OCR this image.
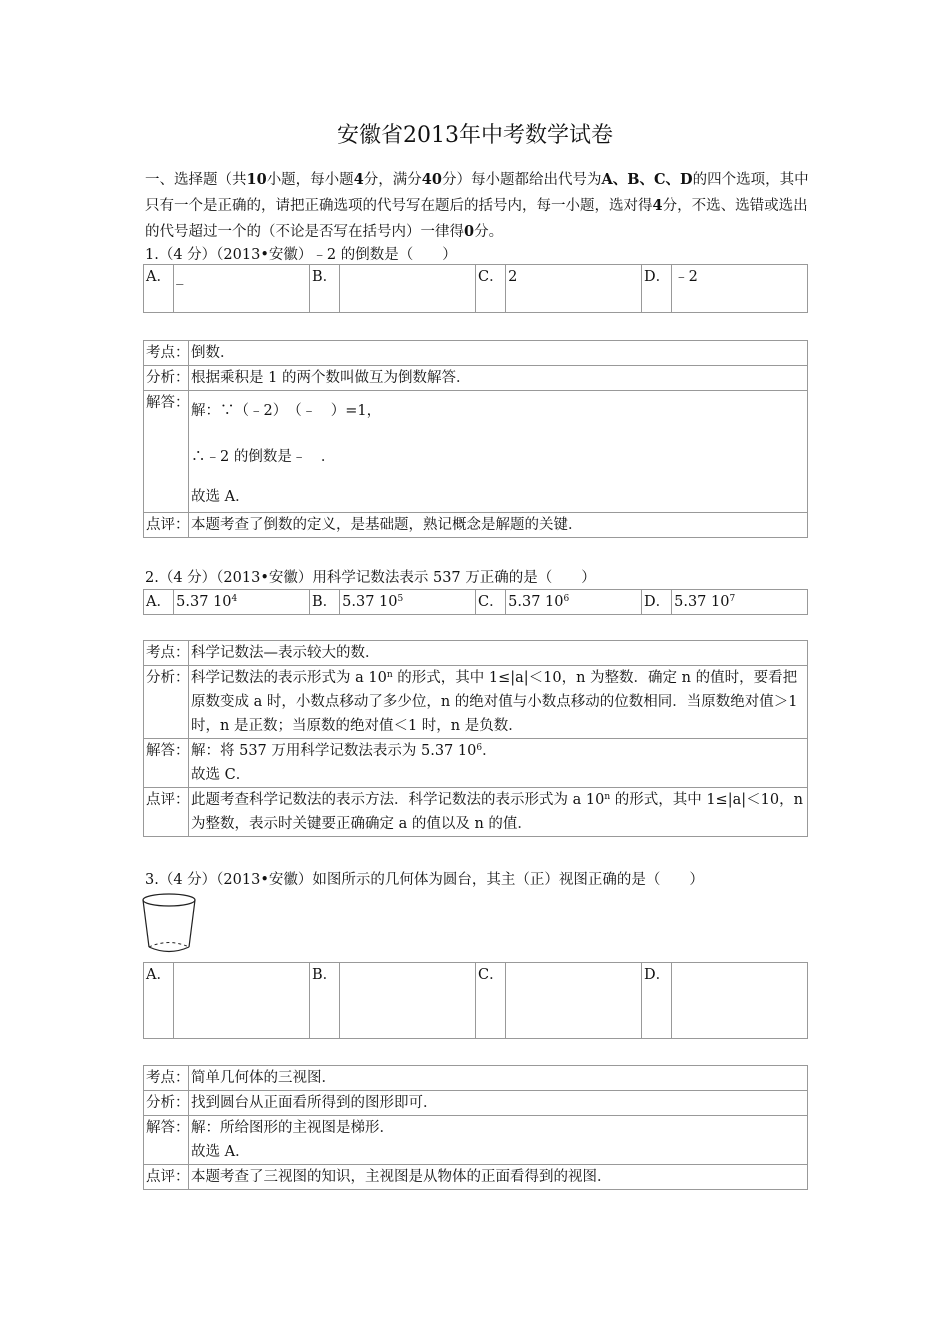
安徽省2013年中考数学试卷
一、选择题（共10小题，每小题4分，满分40分）每小题都给出代号为A、B、C、D的四个选项，其中只有一个是正确的，请把正确选项的代号写在题后的括号内，每一小题，选对得4分，不选、选错或选出的代号超过一个的（不论是否写在括号内）一律得0分。
1.（4 分）（2013•安徽）﹣2 的倒数是（　　）
A．	_	B．		C．	2	D．	﹣2
考点：	倒数．
分析：	根据乘积是 1 的两个数叫做互为倒数解答．
解答：	解：∵（﹣2）　（﹣　）=1，
∴﹣2 的倒数是﹣　．
故选 A．

点评：	本题考查了倒数的定义，是基础题，熟记概念是解题的关键．
2.（4 分）（2013•安徽）用科学记数法表示 537 万正确的是（　　）
A．	5.37 $10^4$	B．	5.37 $10^5$	C．	5.37 $10^6$	D．	5.37 $10^7$
考点：	科学记数法—表示较大的数．
分析：	科学记数法的表示形式为 a 10$^n$ 的形式，其中 1≤|a|＜10，n 为整数．确定 n 的值时，要看把原数变成 a 时，小数点移动了多少位，n 的绝对值与小数点移动的位数相同．当原数绝对值＞1 时，n 是正数；当原数的绝对值＜1 时，n 是负数．
解答：	解：将 537 万用科学记数法表示为 5.37 $10^6$．
故选 C．

点评：	此题考查科学记数法的表示方法．科学记数法的表示形式为 a 10$^n$ 的形式，其中 1≤|a|＜10，n 为整数，表示时关键要正确确定 a 的值以及 n 的值．
3.（4 分）（2013•安徽）如图所示的几何体为圆台，其主（正）视图正确的是（　　）
A．		B．		C．		D．	
考点：	简单几何体的三视图．
分析：	找到圆台从正面看所得到的图形即可．
解答：	解：所给图形的主视图是梯形．
故选 A．

点评：	本题考查了三视图的知识，主视图是从物体的正面看得到的视图．
